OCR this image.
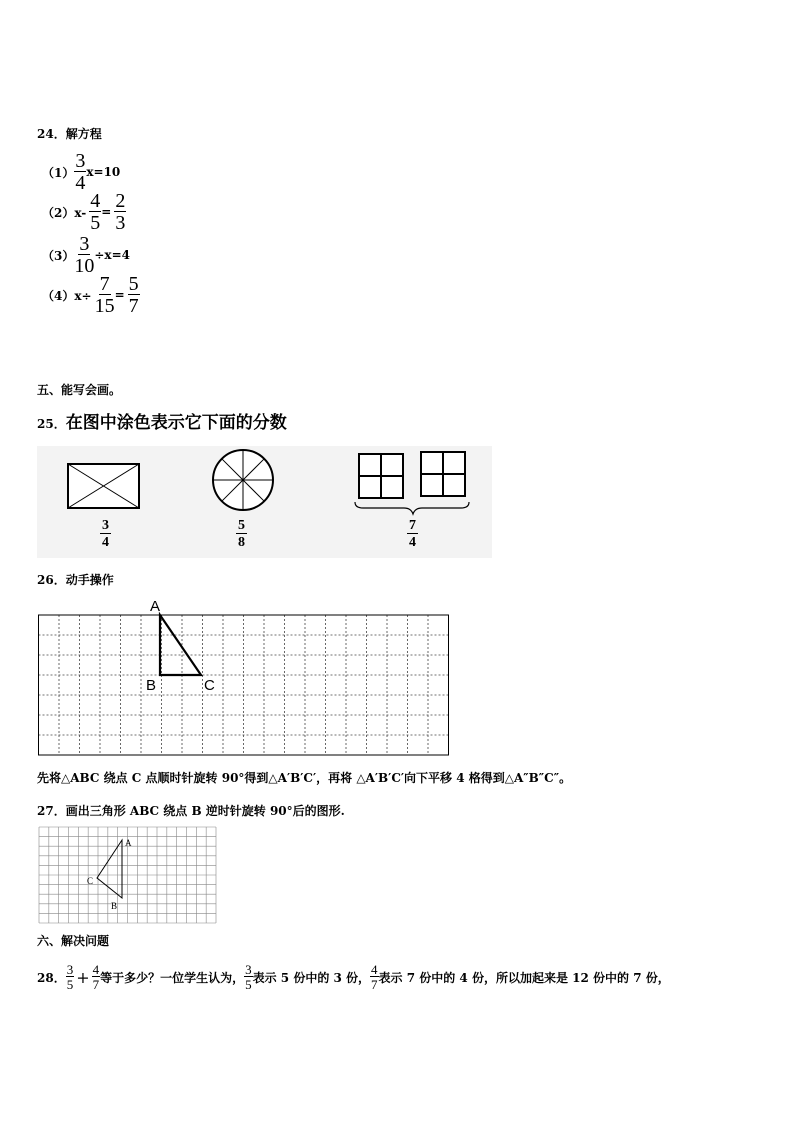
24．解方程
$(1) \frac{3}{4} x=10$
$(2)x- \frac{4}{5} = \frac{2}{3}$
$(3) \frac{3}{10} \div x=4$
$(4)x\div \frac{7}{15} = \frac{5}{7}$
五、能写会画。
25．在图中涂色表示它下面的分数
3
4
5
8
7
4
26．动手操作
A
B	C
先将△ABC 绕点 C 点顺时针旋转 90°得到△A′B′C′，再将 △A′B′C′向下平移 4 格得到△A″B″C″。
27．画出三角形 ABC 绕点 B 逆时针旋转 90°后的图形.
A
B
C
六、解决问题
28． $\frac{3}{5} + \frac{4}{7}$ 等于多少？一位学生认为， $\frac{3}{5}$ 表示 5 份中的 3 份， $\frac{4}{7}$ 表示 7 份中的 4 份，所以加起来是 12 份中的 7 份，
